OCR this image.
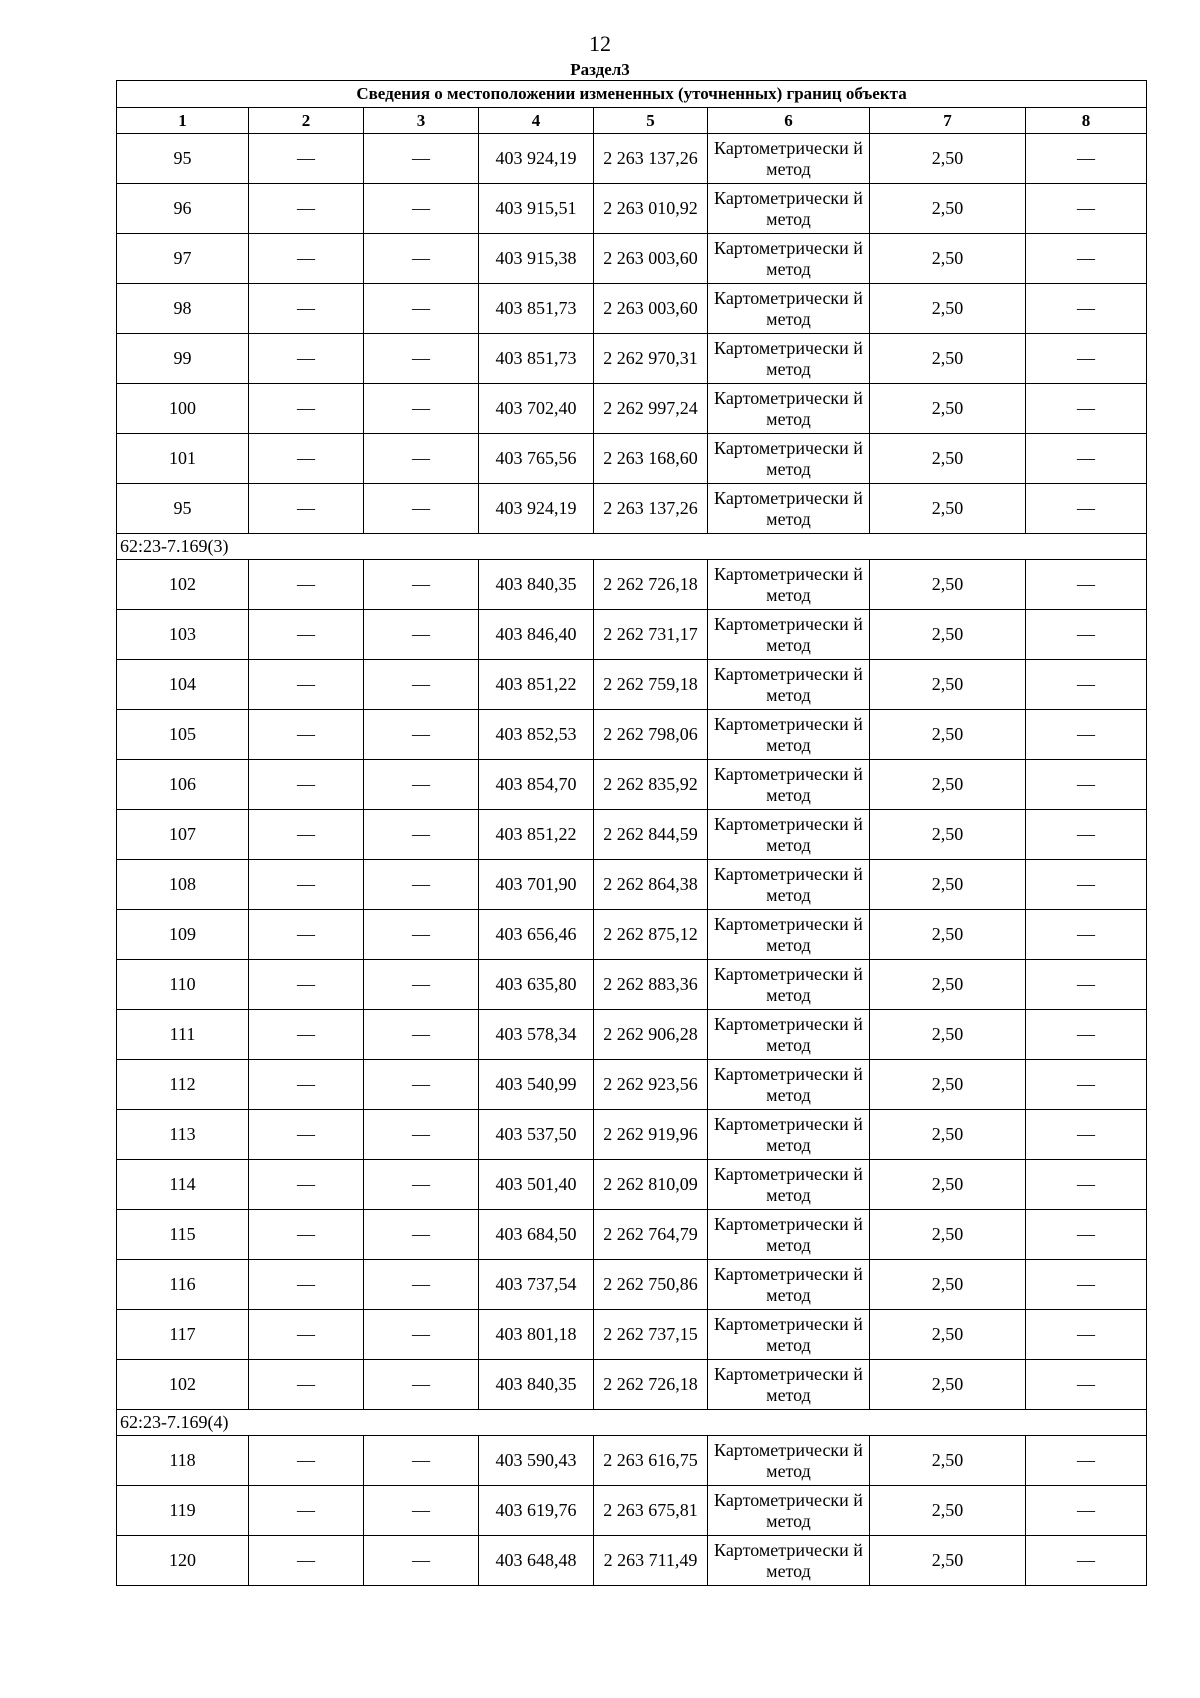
12
Раздел3
Сведения о местоположении измененных (уточненных) границ объекта							
1	2	3	4	5	6	7	8
95	—	—	403 924,19	2 263 137,26	Картометрически й метод	2,50	—
96	—	—	403 915,51	2 263 010,92	Картометрически й метод	2,50	—
97	—	—	403 915,38	2 263 003,60	Картометрически й метод	2,50	—
98	—	—	403 851,73	2 263 003,60	Картометрически й метод	2,50	—
99	—	—	403 851,73	2 262 970,31	Картометрически й метод	2,50	—
100	—	—	403 702,40	2 262 997,24	Картометрически й метод	2,50	—
101	—	—	403 765,56	2 263 168,60	Картометрически й метод	2,50	—
95	—	—	403 924,19	2 263 137,26	Картометрически й метод	2,50	—
62:23-7.169(3)							
102	—	—	403 840,35	2 262 726,18	Картометрически й метод	2,50	—
103	—	—	403 846,40	2 262 731,17	Картометрически й метод	2,50	—
104	—	—	403 851,22	2 262 759,18	Картометрически й метод	2,50	—
105	—	—	403 852,53	2 262 798,06	Картометрически й метод	2,50	—
106	—	—	403 854,70	2 262 835,92	Картометрически й метод	2,50	—
107	—	—	403 851,22	2 262 844,59	Картометрически й метод	2,50	—
108	—	—	403 701,90	2 262 864,38	Картометрически й метод	2,50	—
109	—	—	403 656,46	2 262 875,12	Картометрически й метод	2,50	—
110	—	—	403 635,80	2 262 883,36	Картометрически й метод	2,50	—
111	—	—	403 578,34	2 262 906,28	Картометрически й метод	2,50	—
112	—	—	403 540,99	2 262 923,56	Картометрически й метод	2,50	—
113	—	—	403 537,50	2 262 919,96	Картометрически й метод	2,50	—
114	—	—	403 501,40	2 262 810,09	Картометрически й метод	2,50	—
115	—	—	403 684,50	2 262 764,79	Картометрически й метод	2,50	—
116	—	—	403 737,54	2 262 750,86	Картометрически й метод	2,50	—
117	—	—	403 801,18	2 262 737,15	Картометрически й метод	2,50	—
102	—	—	403 840,35	2 262 726,18	Картометрически й метод	2,50	—
62:23-7.169(4)							
118	—	—	403 590,43	2 263 616,75	Картометрически й метод	2,50	—
119	—	—	403 619,76	2 263 675,81	Картометрически й метод	2,50	—
120	—	—	403 648,48	2 263 711,49	Картометрически й метод	2,50	—
